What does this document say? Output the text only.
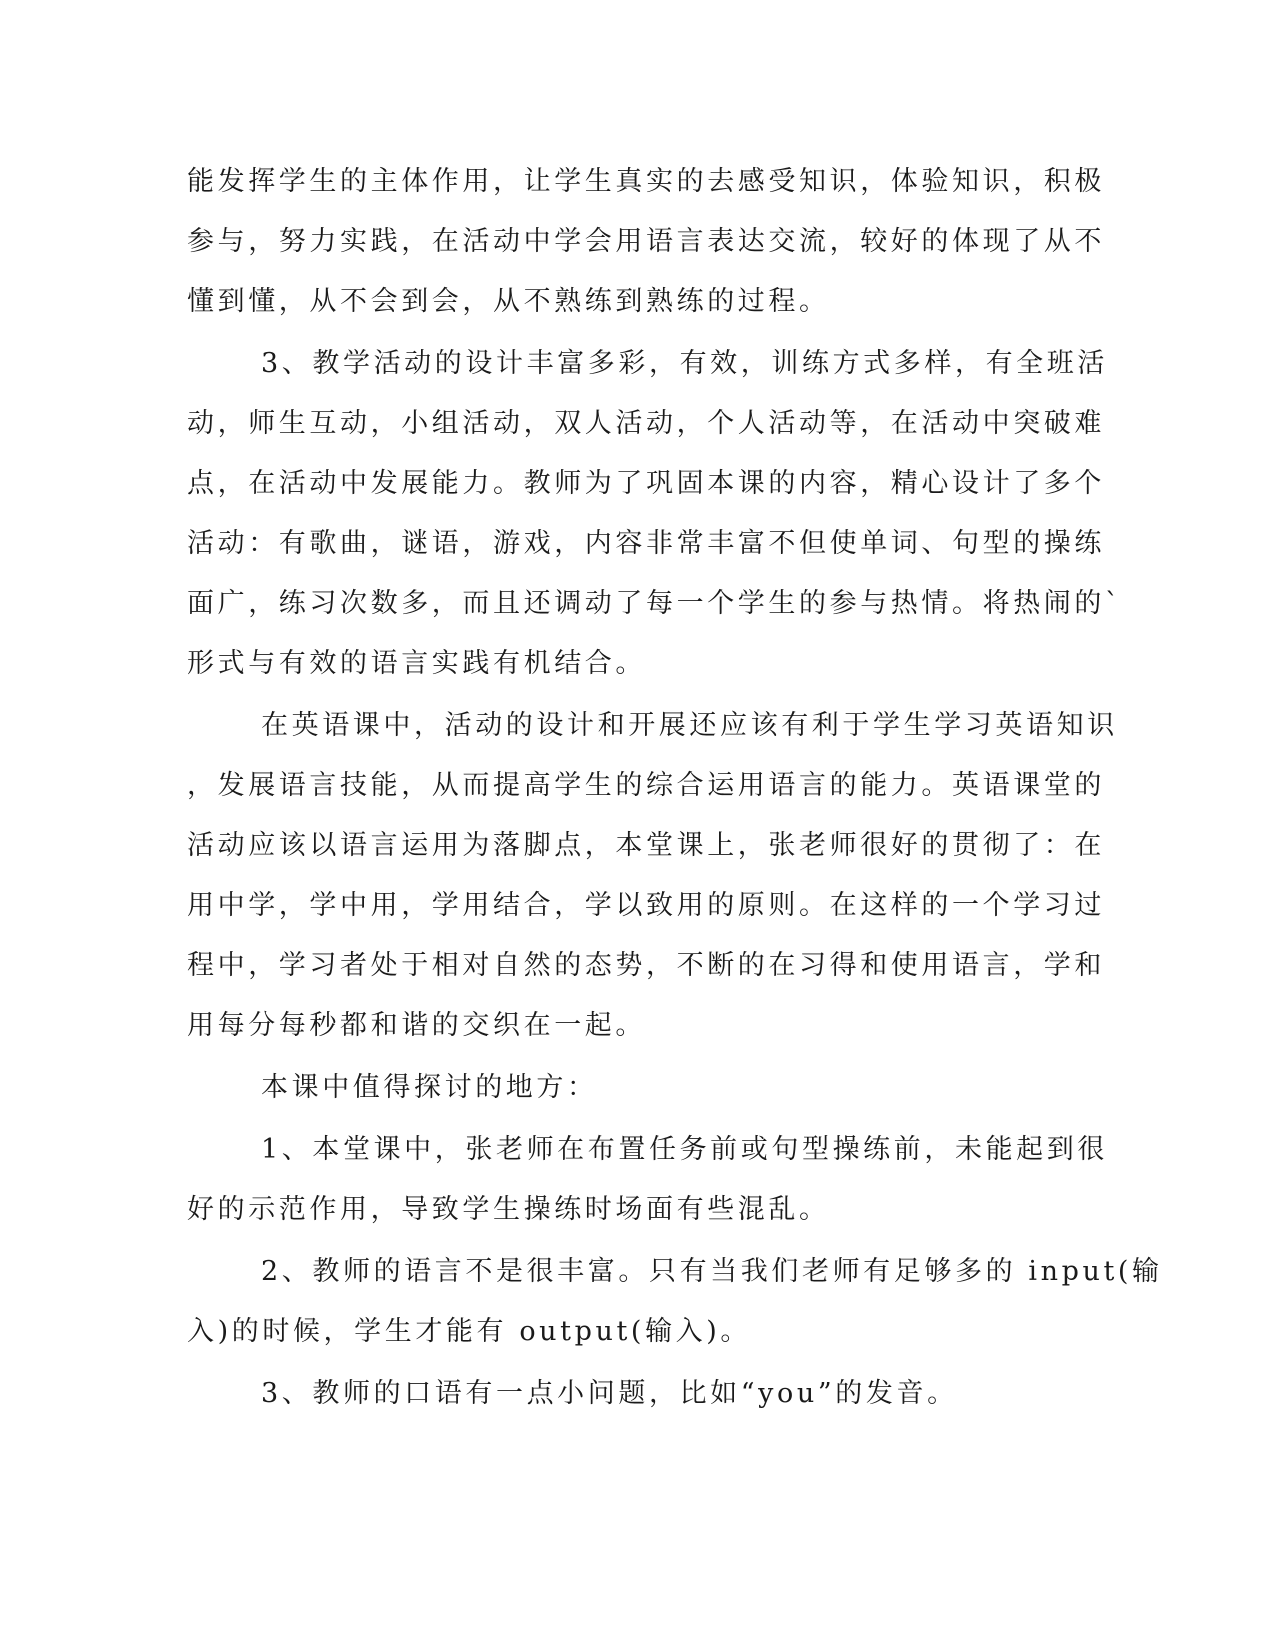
能发挥学生的主体作用，让学生真实的去感受知识，体验知识，积极

参与，努力实践，在活动中学会用语言表达交流，较好的体现了从不

懂到懂，从不会到会，从不熟练到熟练的过程。

3、教学活动的设计丰富多彩，有效，训练方式多样，有全班活

动，师生互动，小组活动，双人活动，个人活动等，在活动中突破难

点，在活动中发展能力。教师为了巩固本课的内容，精心设计了多个

活动：有歌曲，谜语，游戏，内容非常丰富不但使单词、句型的操练

面广，练习次数多，而且还调动了每一个学生的参与热情。将热闹的`

形式与有效的语言实践有机结合。

在英语课中，活动的设计和开展还应该有利于学生学习英语知识

，发展语言技能，从而提高学生的综合运用语言的能力。英语课堂的

活动应该以语言运用为落脚点，本堂课上，张老师很好的贯彻了：在

用中学，学中用，学用结合，学以致用的原则。在这样的一个学习过

程中，学习者处于相对自然的态势，不断的在习得和使用语言，学和

用每分每秒都和谐的交织在一起。

本课中值得探讨的地方：

1、本堂课中，张老师在布置任务前或句型操练前，未能起到很

好的示范作用，导致学生操练时场面有些混乱。

2、教师的语言不是很丰富。只有当我们老师有足够多的 input(输

入)的时候，学生才能有 output(输入)。

3、教师的口语有一点小问题，比如“you”的发音。
